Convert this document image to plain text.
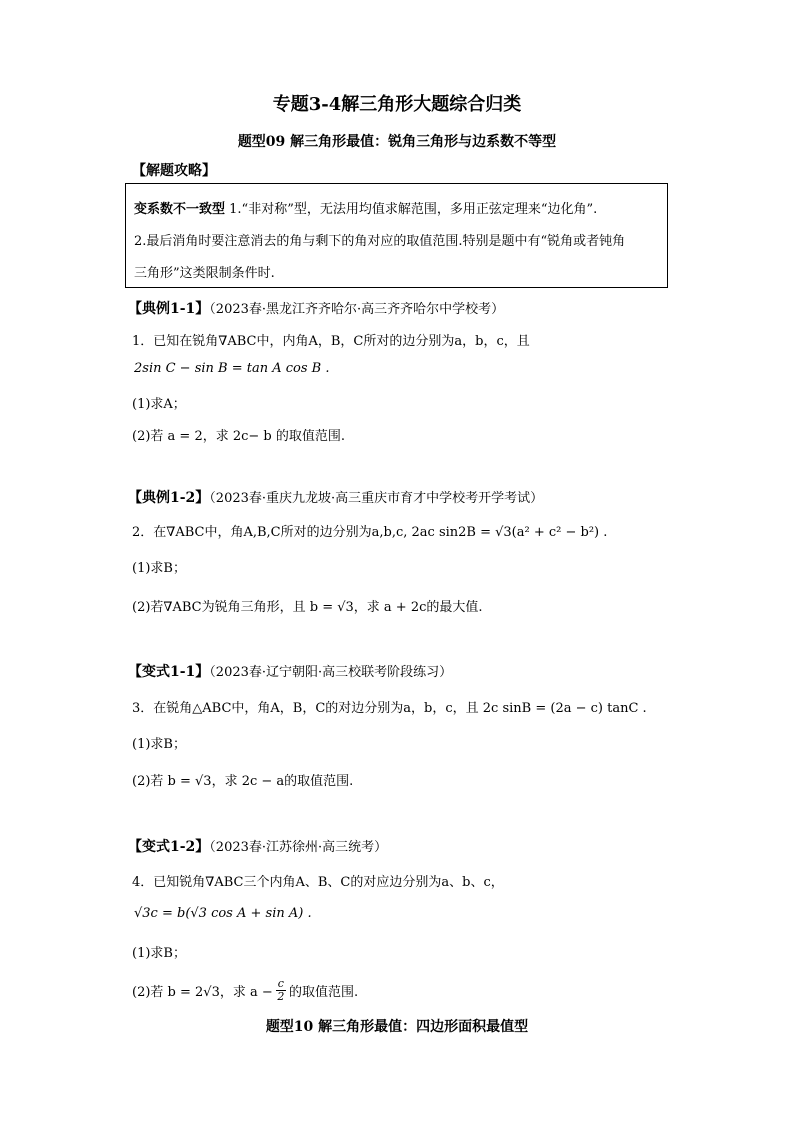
专题3-4解三角形大题综合归类
题型09 解三角形最值：锐角三角形与边系数不等型
【解题攻略】
变系数不一致型 1.“非对称”型，无法用均值求解范围，多用正弦定理来“边化角”.
2.最后消角时要注意消去的角与剩下的角对应的取值范围.特别是题中有“锐角或者钝角
三角形”这类限制条件时.
【典例1-1】（2023春·黑龙江齐齐哈尔·高三齐齐哈尔中学校考）
1．已知在锐角∇ABC中，内角A，B，C所对的边分别为a，b，c，且
2sin C − sin B = tan A cos B .
(1)求A；
(2)若 a = 2，求 2c− b 的取值范围.
【典例1-2】（2023春·重庆九龙坡·高三重庆市育才中学校考开学考试）
2．在∇ABC中，角A,B,C所对的边分别为a,b,c, 2ac sin2B = √3(a² + c² − b²) .
(1)求B；
(2)若∇ABC为锐角三角形，且 b = √3，求 a + 2c的最大值.
【变式1-1】（2023春·辽宁朝阳·高三校联考阶段练习）
3．在锐角△ABC中，角A，B，C的对边分别为a，b，c，且 2c sinB = (2a − c) tanC .
(1)求B；
(2)若 b = √3，求 2c − a的取值范围.
【变式1-2】（2023春·江苏徐州·高三统考）
4．已知锐角∇ABC三个内角A、B、C的对应边分别为a、b、c，
√3c = b(√3 cos A + sin A) .
(1)求B；
(2)若 b = 2√3，求 $a - \frac{c}{2}$ 的取值范围.
题型10 解三角形最值：四边形面积最值型
